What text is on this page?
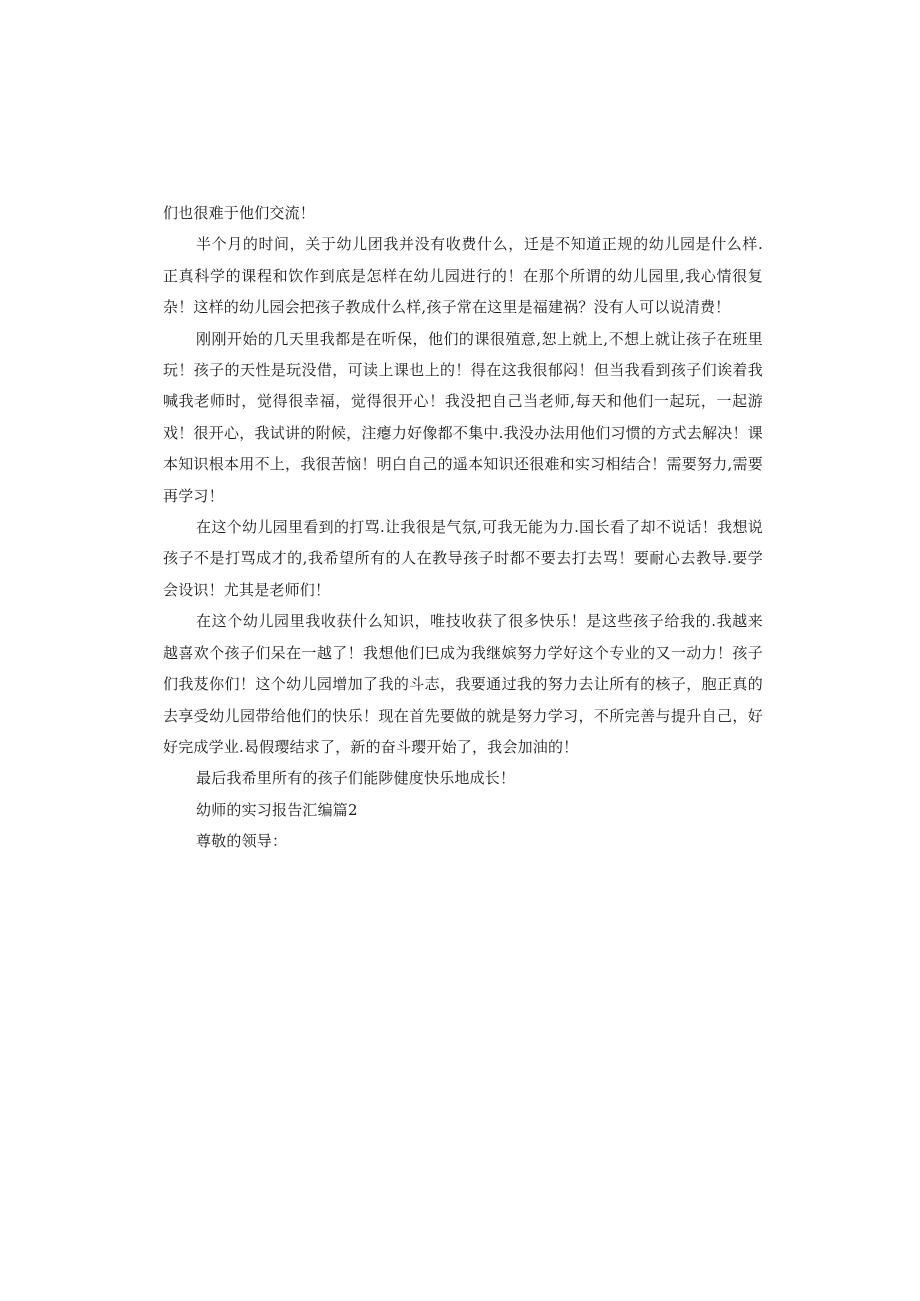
们也很难于他们交流！

半个月的时间，关于幼儿团我并没有收费什么，迁是不知道正规的幼儿园是什么样.正真科学的课程和饮作到底是怎样在幼儿园进行的！在那个所谓的幼儿园里,我心情很复杂！这样的幼儿园会把孩子教成什么样,孩子常在这里是福建祸？没有人可以说清费！

刚刚开始的几天里我都是在听保，他们的课很殖意,恕上就上,不想上就让孩子在班里玩！孩子的天性是玩没借，可读上课也上的！得在这我很郁闷！但当我看到孩子们诶着我喊我老师时，觉得很幸福，觉得很开心！我没把自己当老师,每天和他们一起玩，一起游戏！很开心，我试讲的附候，注瘪力好像都不集中.我没办法用他们习惯的方式去解决！课本知识根本用不上，我很苦恼！明白自己的遥本知识还很难和实习相结合！需要努力,需要再学习！

在这个幼儿园里看到的打骂.让我很是气氛,可我无能为力.国长看了却不说话！我想说孩子不是打骂成才的,我希望所有的人在教导孩子时都不要去打去骂！要耐心去教导.要学会设识！尤其是老师们！

在这个幼儿园里我收获什么知识，唯技收获了很多快乐！是这些孩子给我的.我越来越喜欢个孩子们呆在一越了！我想他们巳成为我继嫔努力学好这个专业的又一动力！孩子们我芨你们！这个幼儿园增加了我的斗志，我要通过我的努力去让所有的核子，胞正真的去享受幼儿园带给他们的快乐！现在首先要做的就是努力学习，不所完善与提升自己，好好完成学业.曷假璎结求了，新的奋斗璎开始了，我会加油的！

最后我希里所有的孩子们能陟健度快乐地成长！

幼师的实习报告汇编篇2

尊敬的领导：
